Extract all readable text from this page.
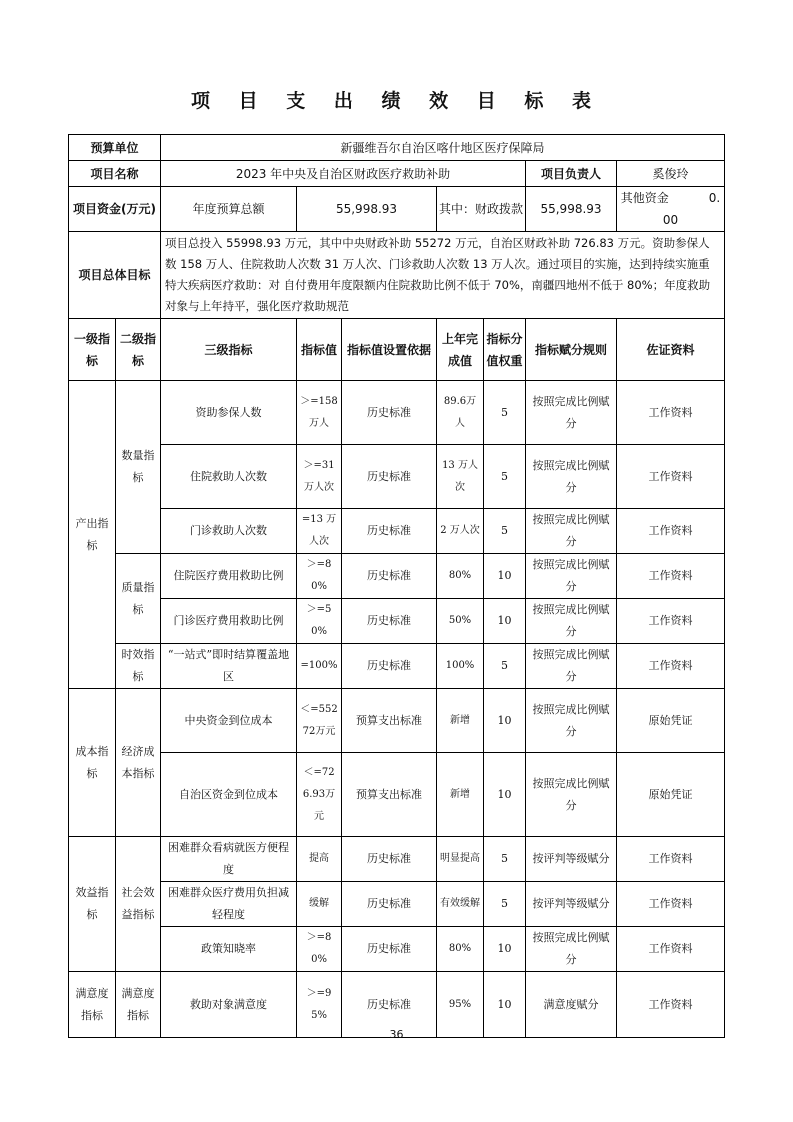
项 目 支 出 绩 效 目 标 表
预算单位		新疆维吾尔自治区喀什地区医疗保障局						
项目名称		2023 年中央及自治区财政医疗救助补助					项目负责人	奚俊玲
项目资金(万元)		年度预算总额	55,998.93		其中：财政拨款		55,998.93	其他资金 0.00
项目总体目标		项目总投入 55998.93 万元，其中中央财政补助 55272 万元，自治区财政补助 726.83 万元。资助参保人数 158 万人、住院救助人次数 31 万人次、门诊救助人次数 13 万人次。通过项目的实施，达到持续实施重特大疾病医疗救助：对 自付费用年度限额内住院救助比例不低于 70%，南疆四地州不低于 80%；年度救助对象与上年持平，强化医疗救助规范						
一级指标	二级指标	三级指标	指标值	指标值设置依据	上年完成值	指标分值权重	指标赋分规则	佐证资料
产出指标	数量指标	资助参保人数	＞=158万人	历史标准	89.6万人	5	按照完成比例赋分	工作资料
		住院救助人次数	＞=31万人次	历史标准	13 万人次	5	按照完成比例赋分	工作资料
		门诊救助人次数	=13 万人次	历史标准	2 万人次	5	按照完成比例赋分	工作资料
	质量指标	住院医疗费用救助比例	＞=80%	历史标准	80%	10	按照完成比例赋分	工作资料
		门诊医疗费用救助比例	＞=50%	历史标准	50%	10	按照完成比例赋分	工作资料
	时效指标	“一站式”即时结算覆盖地区	=100%	历史标准	100%	5	按照完成比例赋分	工作资料
成本指标	经济成本指标	中央资金到位成本	＜=55272万元	预算支出标准	新增	10	按照完成比例赋分	原始凭证
		自治区资金到位成本	＜=726.93万元	预算支出标准	新增	10	按照完成比例赋分	原始凭证
效益指标	社会效益指标	困难群众看病就医方便程度	提高	历史标准	明显提高	5	按评判等级赋分	工作资料
		困难群众医疗费用负担减轻程度	缓解	历史标准	有效缓解	5	按评判等级赋分	工作资料
		政策知晓率	＞=80%	历史标准	80%	10	按照完成比例赋分	工作资料
满意度指标	满意度指标	救助对象满意度	＞=95%	历史标准	95%	10	满意度赋分	工作资料
36
